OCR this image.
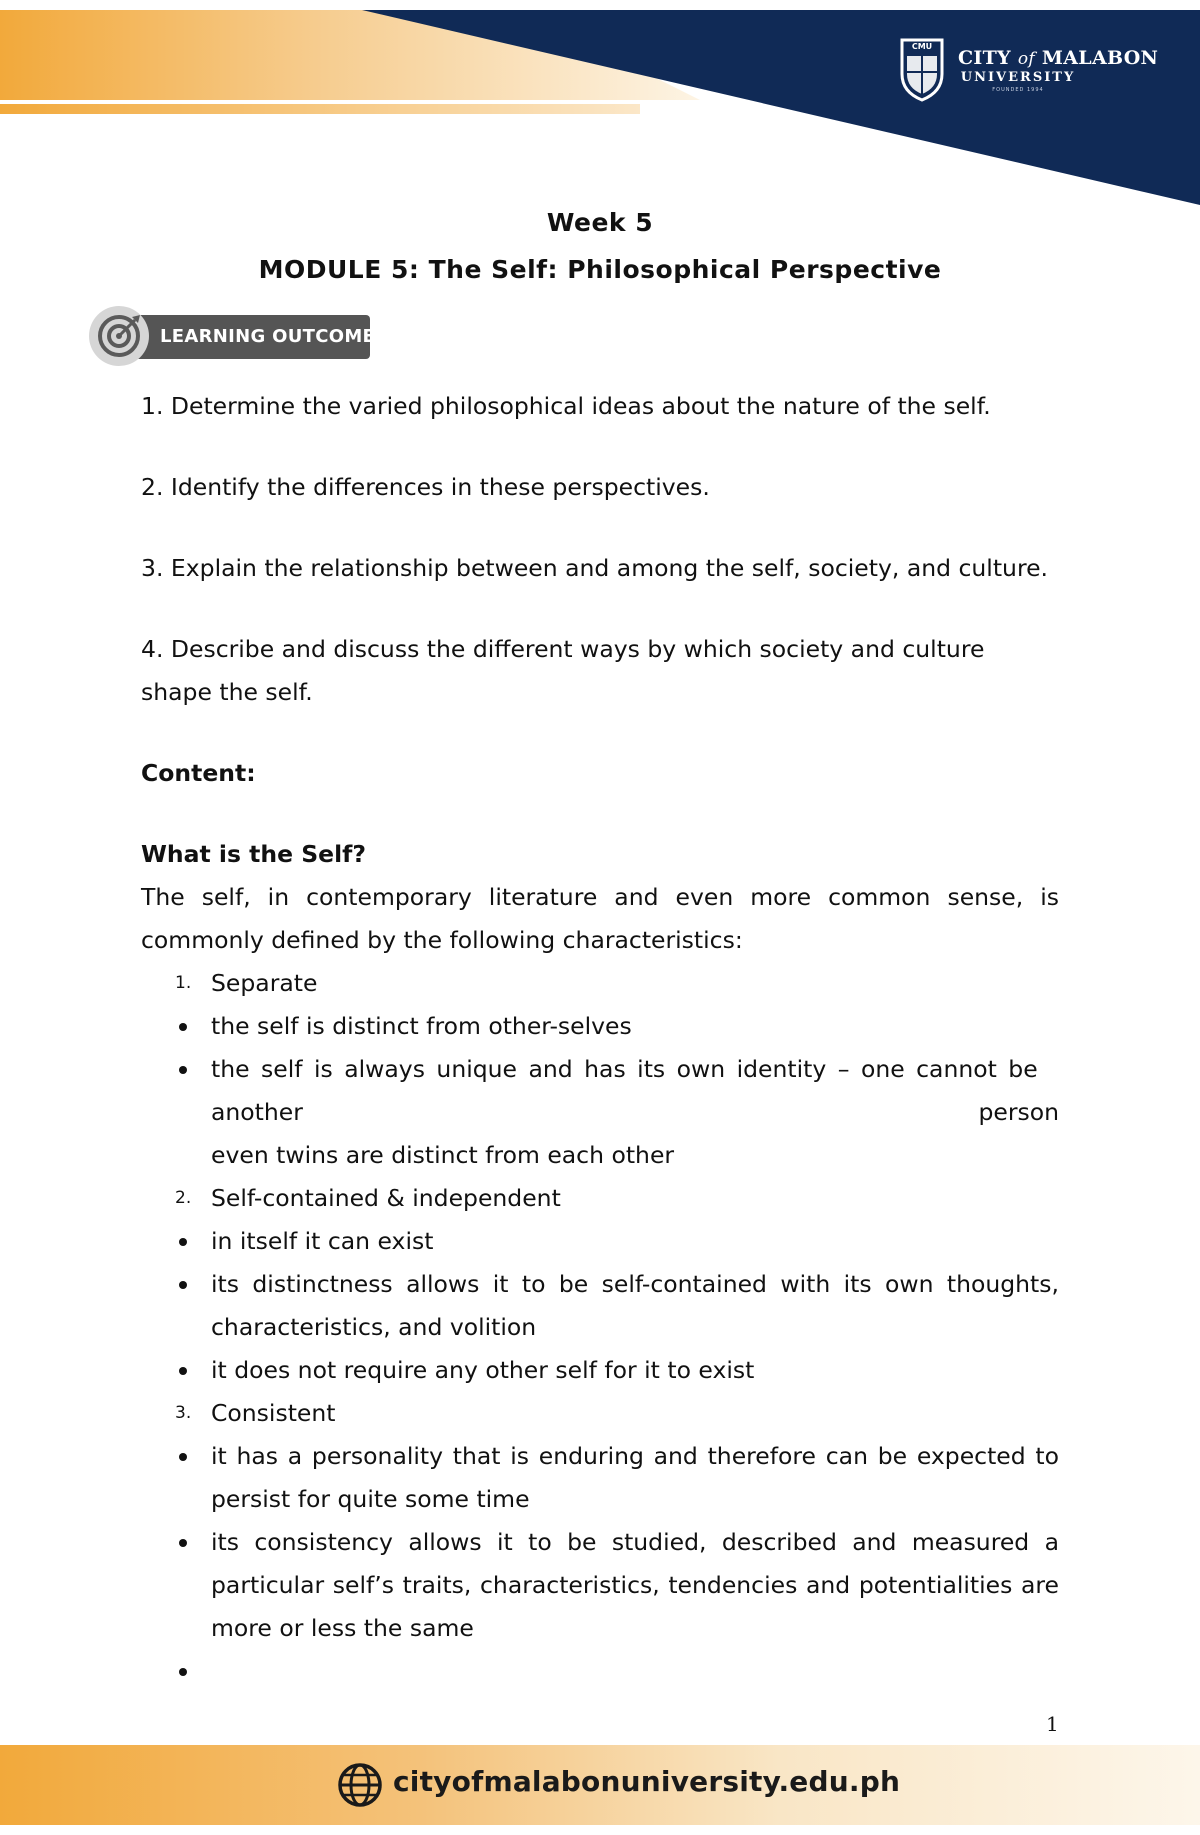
CMU
CITY of MALABON
UNIVERSITY
FOUNDED 1994
Week 5
MODULE 5: The Self: Philosophical Perspective
LEARNING OUTCOME

1. Determine the varied philosophical ideas about the nature of the self.

2. Identify the differences in these perspectives.

3. Explain the relationship between and among the self, society, and culture.

4. Describe and discuss the different ways by which society and culture shape the self.

Content:

What is the Self?

The self, in contemporary literature and even more common sense, is commonly defined by the following characteristics:

1. Separate
the self is distinct from other-selves
the self is always unique and has its own identity – one cannot be
another	person
even twins are distinct from each other
2. Self-contained & independent
in itself it can exist
its distinctness allows it to be self-contained with its own thoughts, characteristics, and volition
it does not require any other self for it to exist
3. Consistent
it has a personality that is enduring and therefore can be expected to persist for quite some time
its consistency allows it to be studied, described and measured a particular self’s traits, characteristics, tendencies and potentialities are more or less the same
1
cityofmalabonuniversity.edu.ph
